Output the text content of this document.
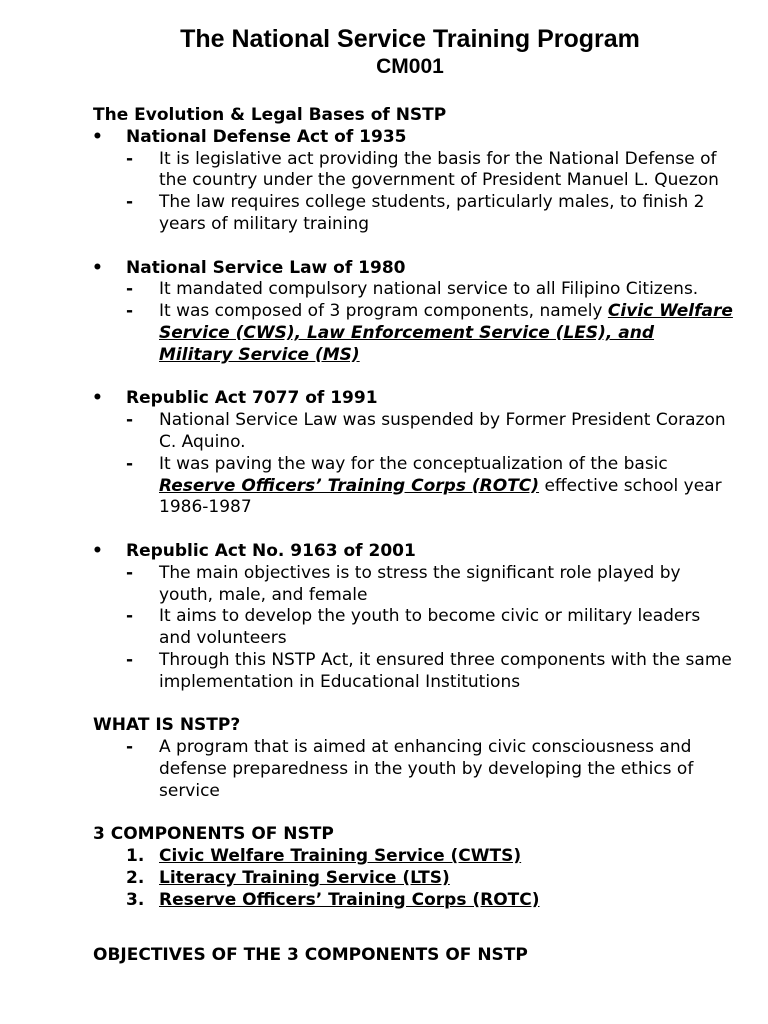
The National Service Training Program
CM001

The Evolution & Legal Bases of NSTP

• National Defense Act of 1935
- It is legislative act providing the basis for the National Defense of the country under the government of President Manuel L. Quezon
- The law requires college students, particularly males, to finish 2 years of military training
• National Service Law of 1980
- It mandated compulsory national service to all Filipino Citizens.
- It was composed of 3 program components, namely Civic Welfare Service (CWS), Law Enforcement Service (LES), and Military Service (MS)
• Republic Act 7077 of 1991
- National Service Law was suspended by Former President Corazon C. Aquino.
- It was paving the way for the conceptualization of the basic Reserve Officers’ Training Corps (ROTC) effective school year 1986-1987
• Republic Act No. 9163 of 2001
- The main objectives is to stress the significant role played by youth, male, and female
- It aims to develop the youth to become civic or military leaders and volunteers
- Through this NSTP Act, it ensured three components with the same implementation in Educational Institutions

WHAT IS NSTP?

- A program that is aimed at enhancing civic consciousness and defense preparedness in the youth by developing the ethics of service

3 COMPONENTS OF NSTP

1. Civic Welfare Training Service (CWTS)
2. Literacy Training Service (LTS)
3. Reserve Officers’ Training Corps (ROTC)

OBJECTIVES OF THE 3 COMPONENTS OF NSTP
